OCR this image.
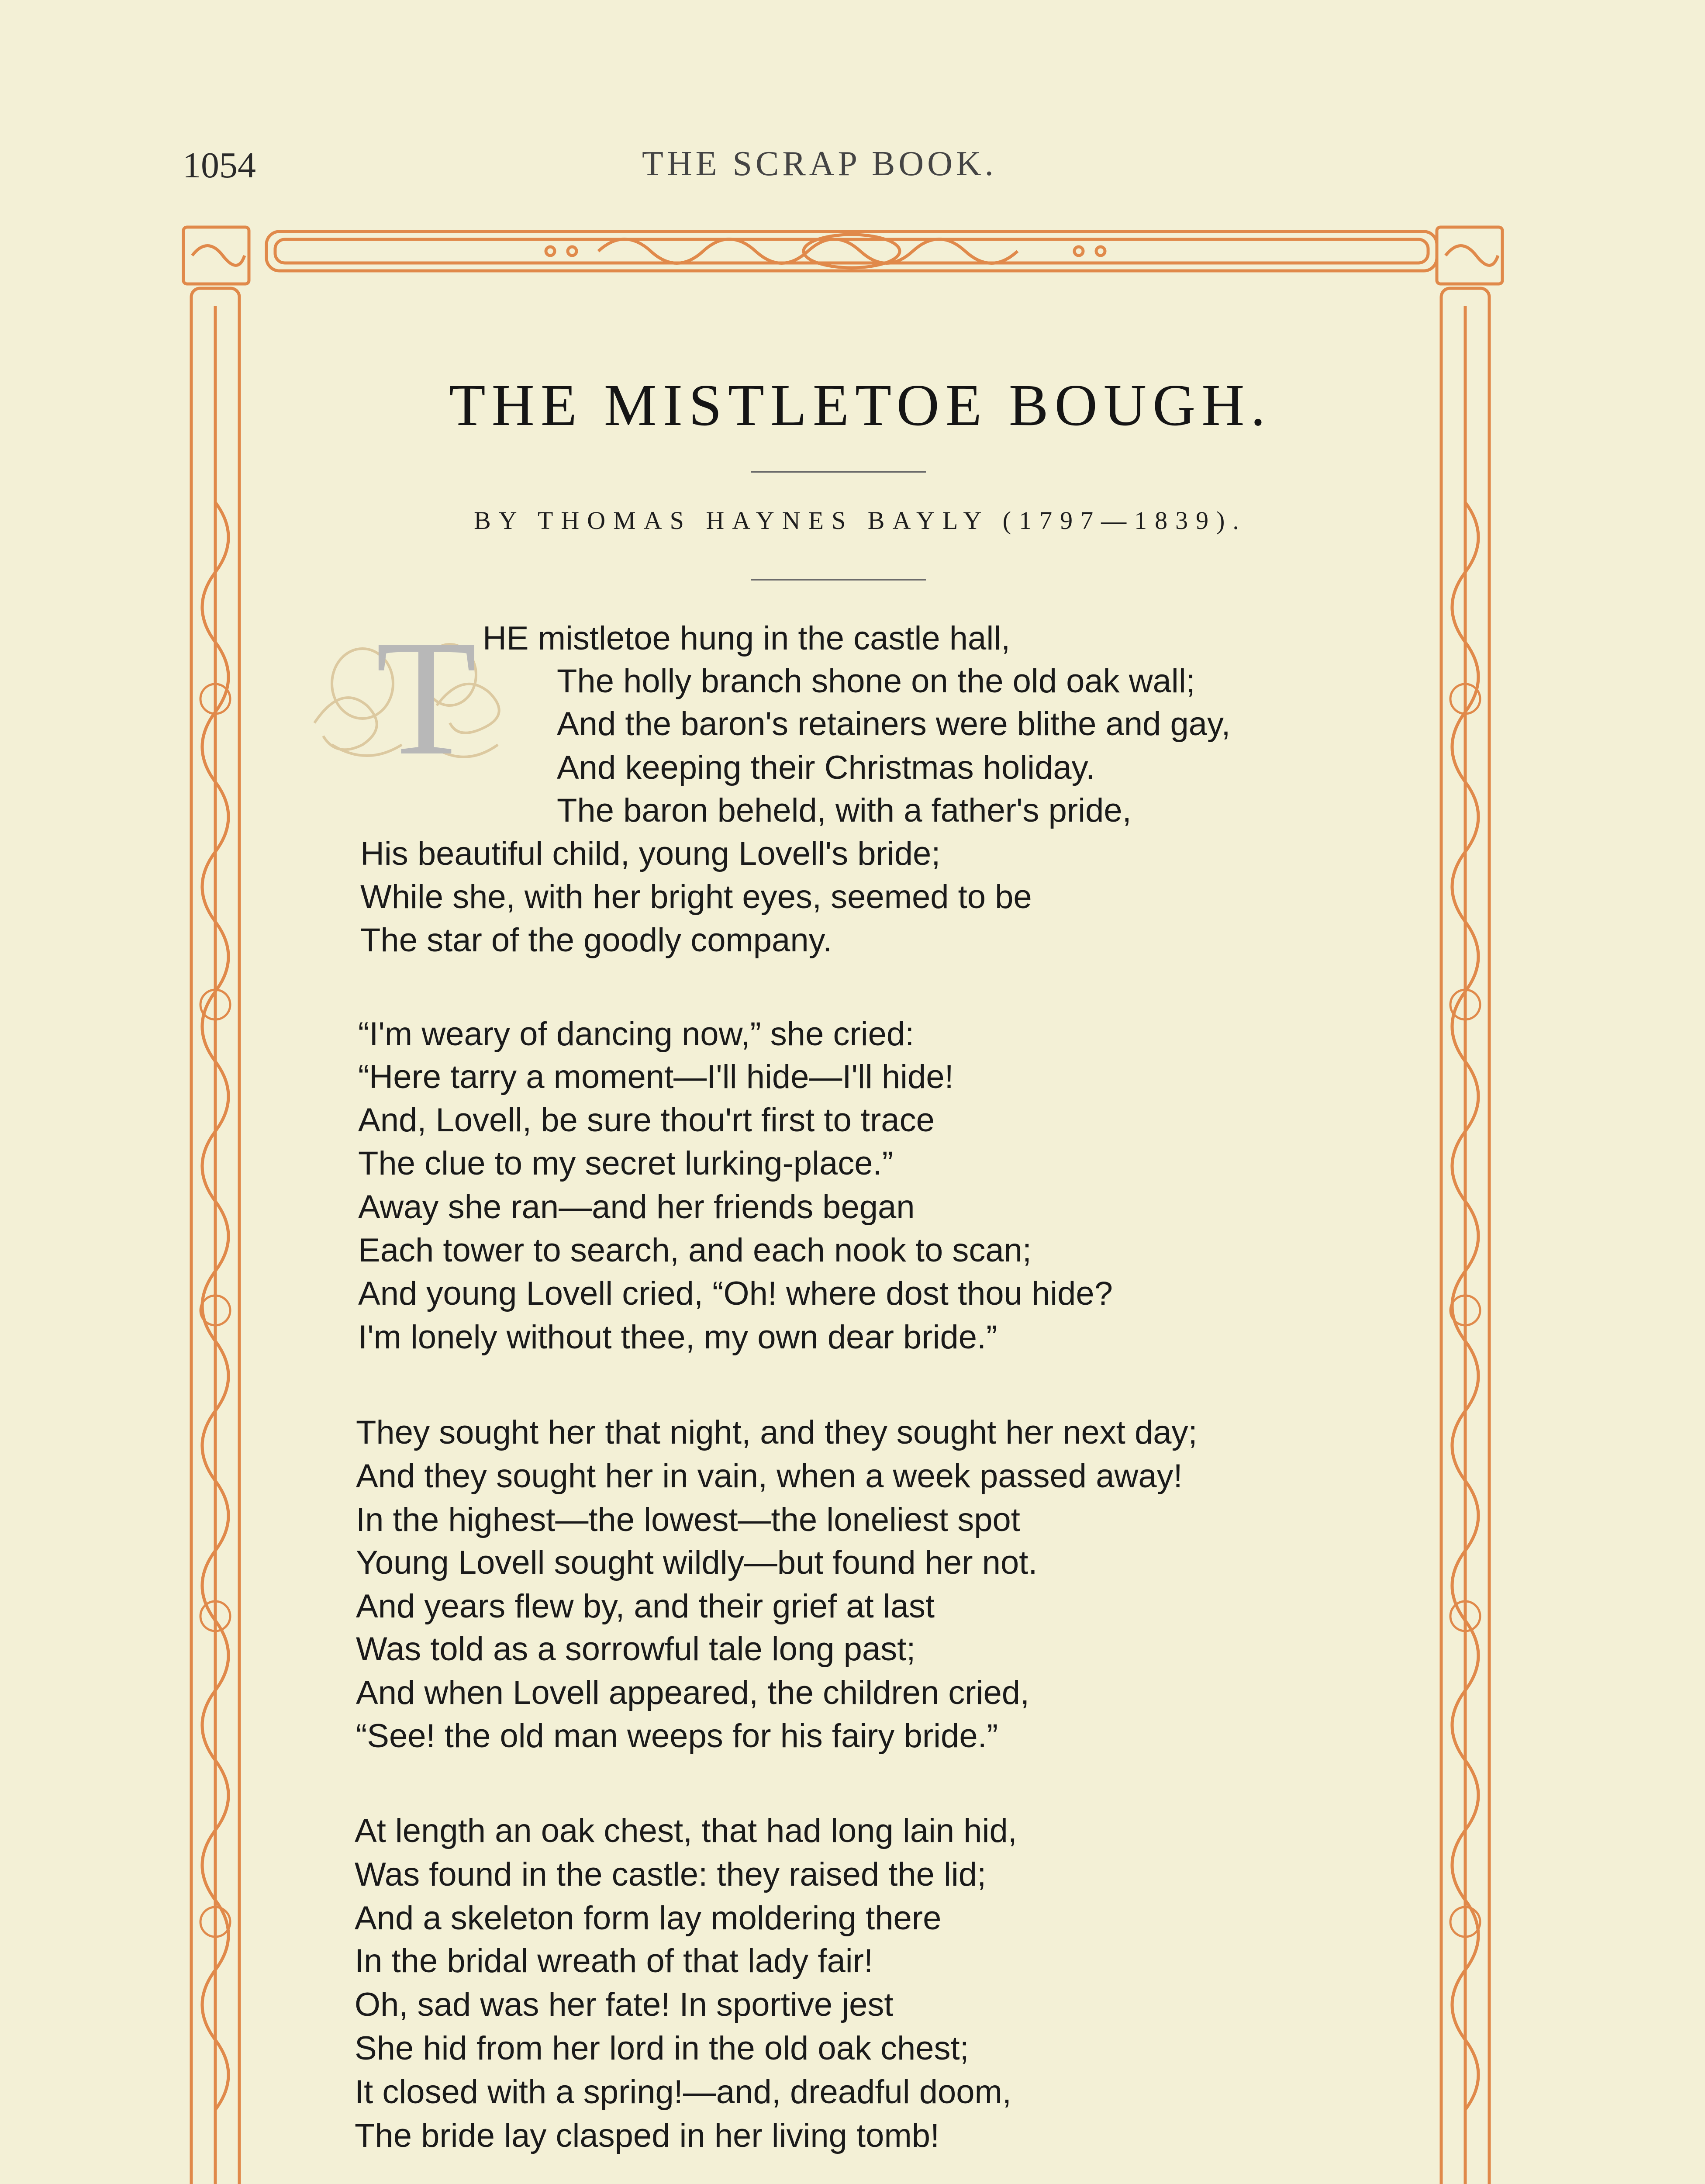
1054	THE SCRAP BOOK.
THE MISTLETOE BOUGH.
BY THOMAS HAYNES BAYLY (1797—1839).
T HE mistletoe hung in the castle hall,
The holly branch shone on the old oak wall;
And the baron's retainers were blithe and gay,
And keeping their Christmas holiday.
The baron beheld, with a father's pride,
His beautiful child, young Lovell's bride;
While she, with her bright eyes, seemed to be
The star of the goodly company.
“I'm weary of dancing now,” she cried:
“Here tarry a moment—I'll hide—I'll hide!
And, Lovell, be sure thou'rt first to trace
The clue to my secret lurking-place.”
Away she ran—and her friends began
Each tower to search, and each nook to scan;
And young Lovell cried, “Oh! where dost thou hide?
I'm lonely without thee, my own dear bride.”
They sought her that night, and they sought her next day;
And they sought her in vain, when a week passed away!
In the highest—the lowest—the loneliest spot
Young Lovell sought wildly—but found her not.
And years flew by, and their grief at last
Was told as a sorrowful tale long past;
And when Lovell appeared, the children cried,
“See! the old man weeps for his fairy bride.”
At length an oak chest, that had long lain hid,
Was found in the castle: they raised the lid;
And a skeleton form lay moldering there
In the bridal wreath of that lady fair!
Oh, sad was her fate! In sportive jest
She hid from her lord in the old oak chest;
It closed with a spring!—and, dreadful doom,
The bride lay clasped in her living tomb!
